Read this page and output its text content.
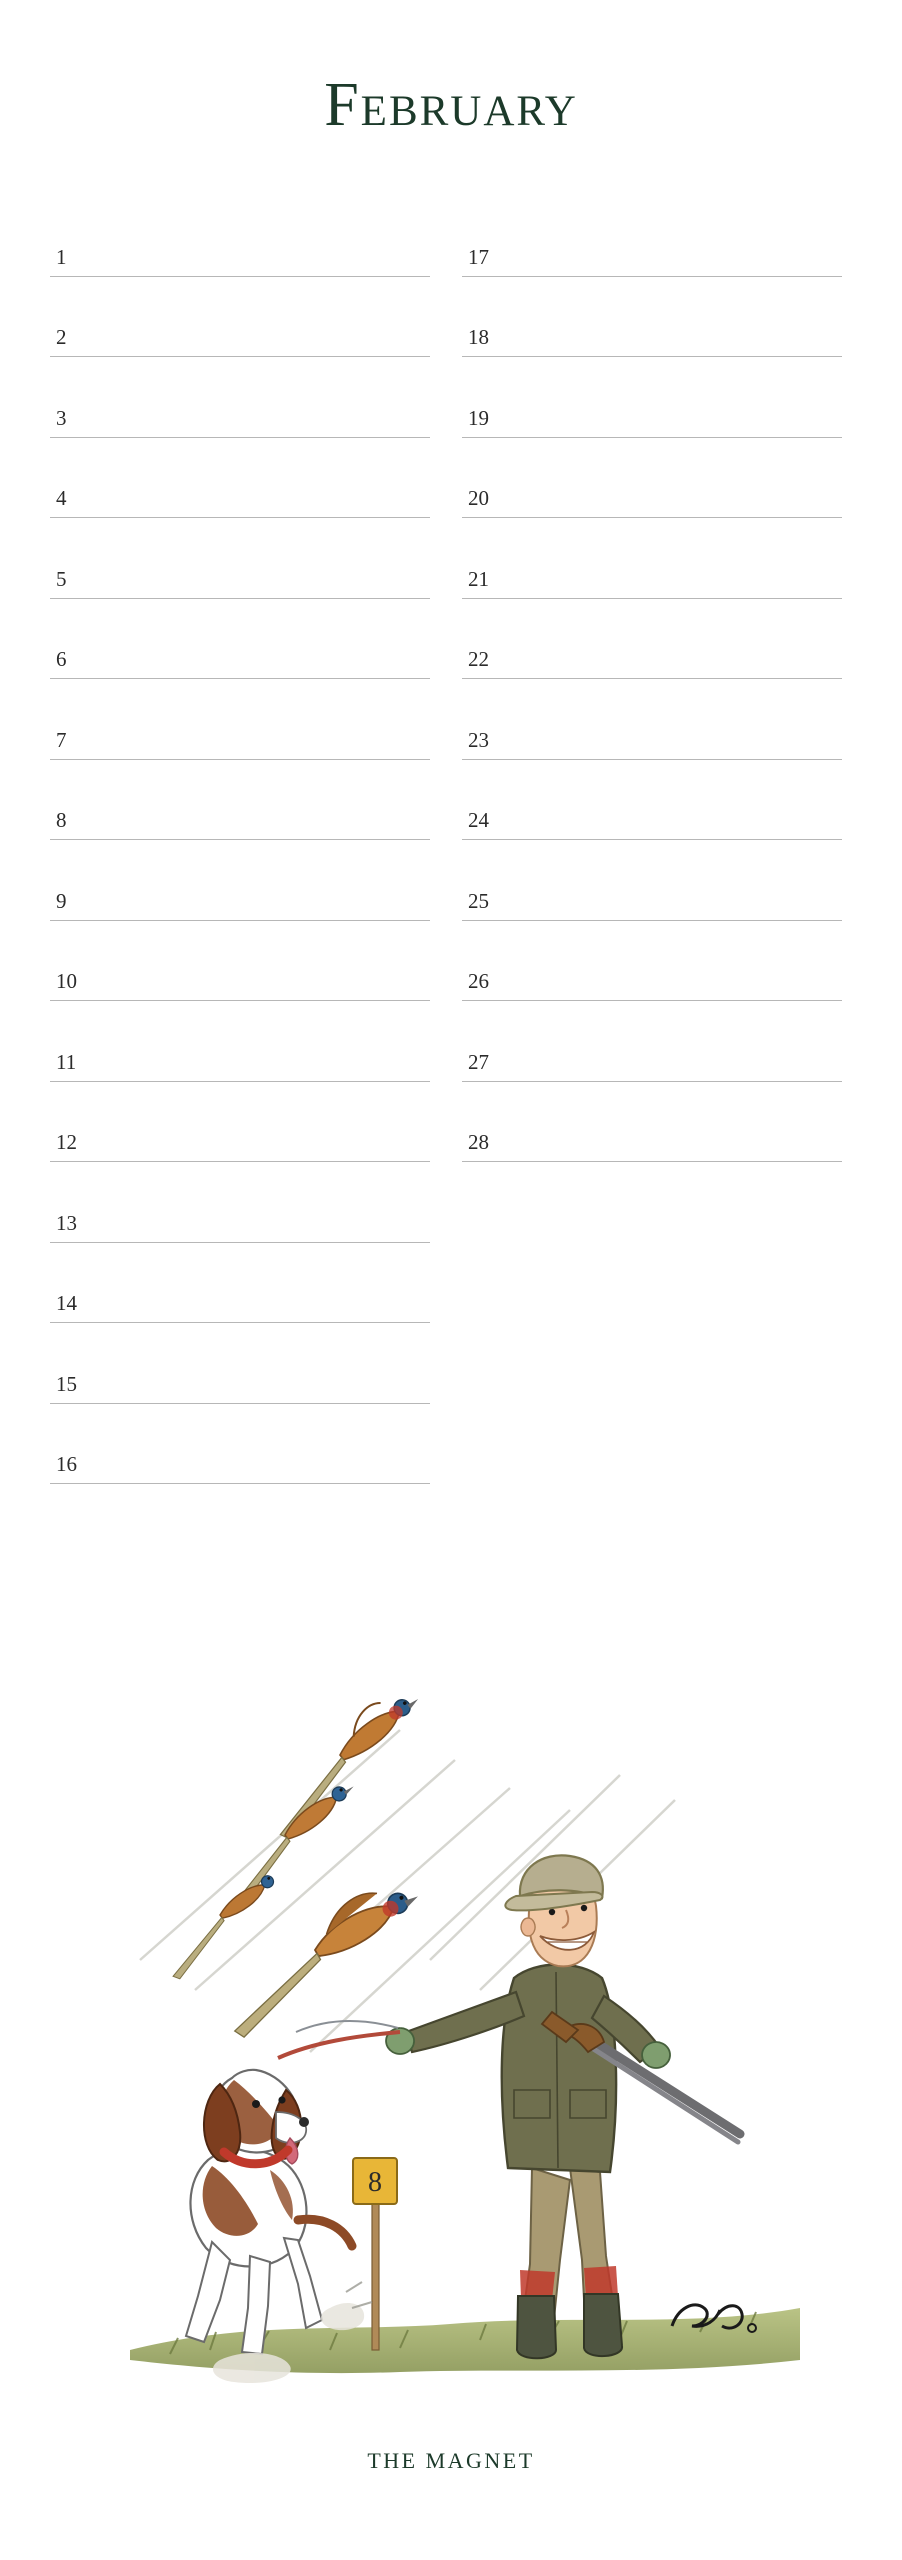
February
1
2
3
4
5
6
7
8
9
10
11
12
13
14
15
16
17
18
19
20
21
22
23
24
25
26
27
28
8
THE MAGNET
